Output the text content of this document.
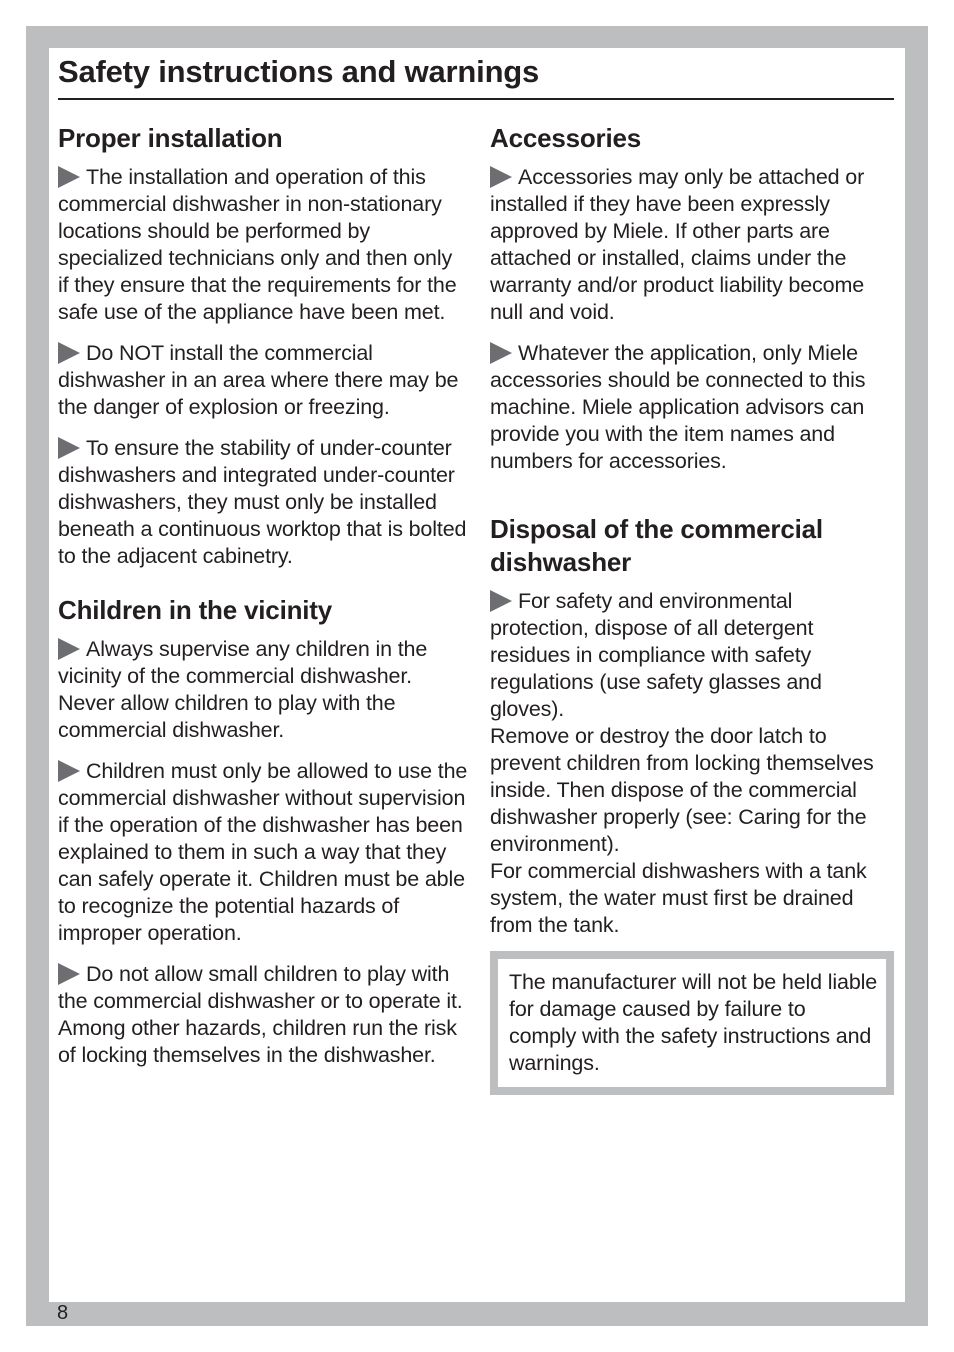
Safety instructions and warnings
Proper installation

The installation and operation of this commercial dishwasher in non-stationary locations should be performed by specialized technicians only and then only if they ensure that the requirements for the safe use of the appliance have been met.

Do NOT install the commercial dishwasher in an area where there may be the danger of explosion or freezing.

To ensure the stability of under-counter dishwashers and integrated under-counter dishwashers, they must only be installed beneath a continuous worktop that is bolted to the adjacent cabinetry.

Children in the vicinity

Always supervise any children in the vicinity of the commercial dishwasher. Never allow children to play with the commercial dishwasher.

Children must only be allowed to use the commercial dishwasher without supervision if the operation of the dishwasher has been explained to them in such a way that they can safely operate it. Children must be able to recognize the potential hazards of improper operation.

Do not allow small children to play with the commercial dishwasher or to operate it. Among other hazards, children run the risk of locking themselves in the dishwasher.

Accessories

Accessories may only be attached or installed if they have been expressly approved by Miele. If other parts are attached or installed, claims under the warranty and/or product liability become null and void.

Whatever the application, only Miele accessories should be connected to this machine. Miele application advisors can provide you with the item names and numbers for accessories.

Disposal of the commercial dishwasher

For safety and environmental protection, dispose of all detergent residues in compliance with safety regulations (use safety glasses and gloves).

Remove or destroy the door latch to prevent children from locking themselves inside. Then dispose of the commercial dishwasher properly (see: Caring for the environment).

For commercial dishwashers with a tank system, the water must first be drained from the tank.

The manufacturer will not be held liable for damage caused by failure to comply with the safety instructions and warnings.
8
